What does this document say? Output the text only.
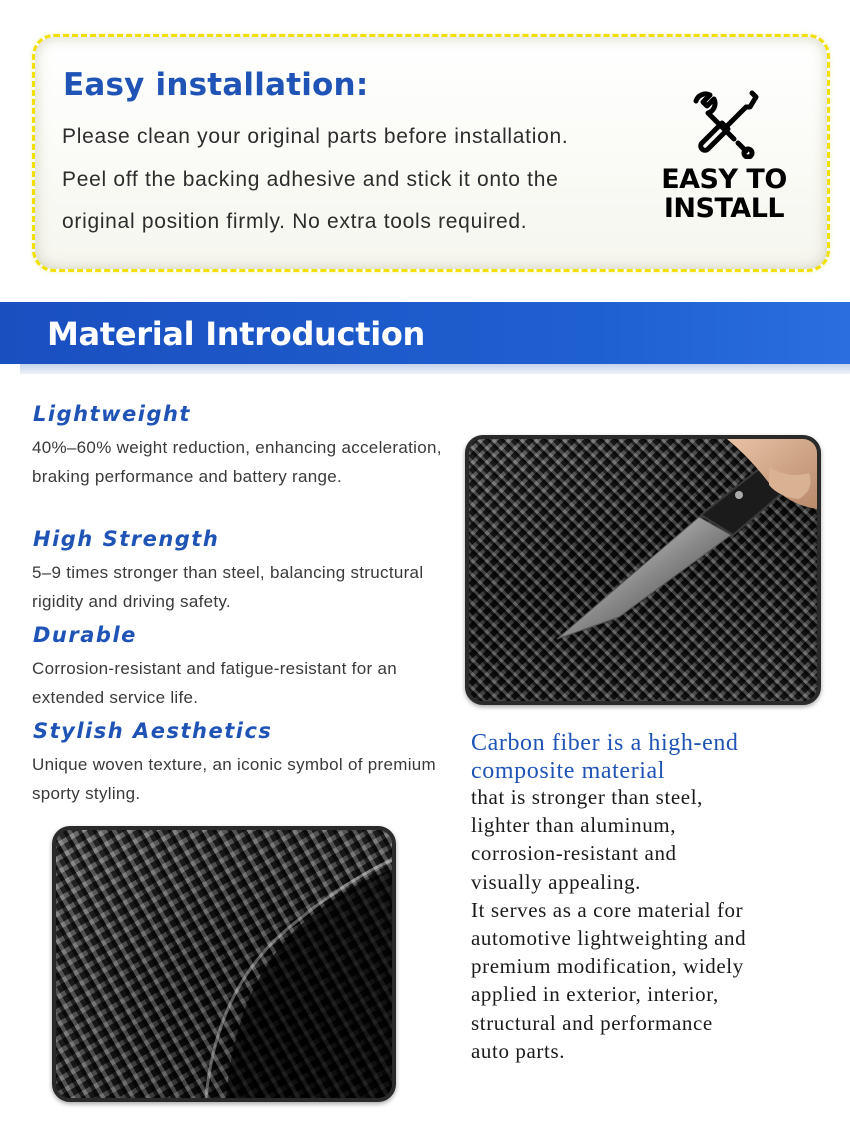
Easy installation:
Please clean your original parts before installation.
Peel off the backing adhesive and stick it onto the
original position firmly. No extra tools required.
EASY TO
INSTALL
Material Introduction
Lightweight

40%–60% weight reduction, enhancing acceleration, braking performance and battery range.

High Strength

5–9 times stronger than steel, balancing structural rigidity and driving safety.

Durable

Corrosion-resistant and fatigue-resistant for an extended service life.

Stylish Aesthetics

Unique woven texture, an iconic symbol of premium sporty styling.

Carbon fiber is a high-end composite material

that is stronger than steel,
lighter than aluminum,
corrosion-resistant and
visually appealing.
It serves as a core material for
automotive lightweighting and
premium modification, widely
applied in exterior, interior,
structural and performance
auto parts.
